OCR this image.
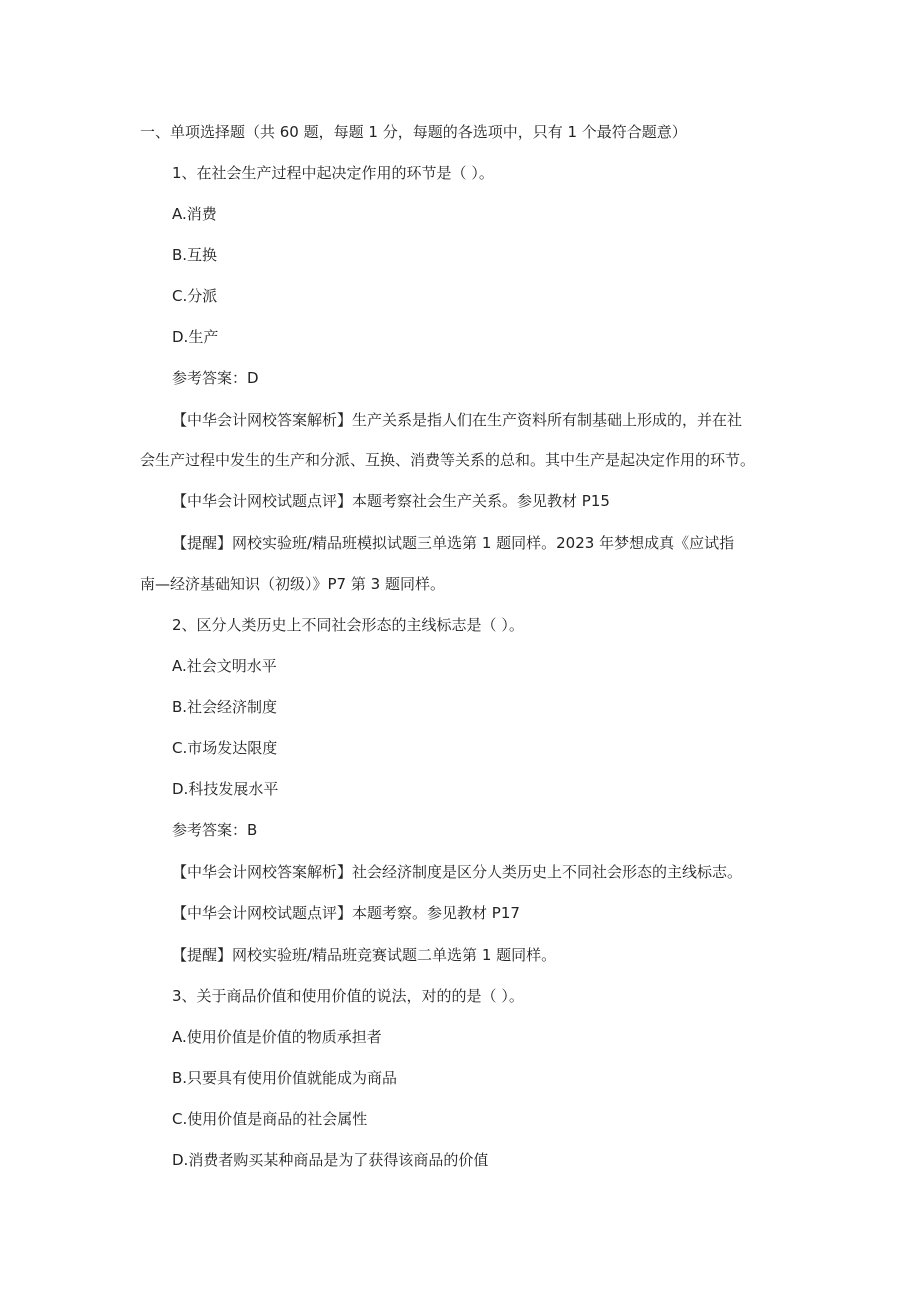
一、单项选择题（共 60 题，每题 1 分，每题的各选项中，只有 1 个最符合题意）

1、在社会生产过程中起决定作用的环节是（ ）。

A.消费

B.互换

C.分派

D.生产

参考答案：D

【中华会计网校答案解析】生产关系是指人们在生产资料所有制基础上形成的，并在社

会生产过程中发生的生产和分派、互换、消费等关系的总和。其中生产是起决定作用的环节。

【中华会计网校试题点评】本题考察社会生产关系。参见教材 P15

【提醒】网校实验班/精品班模拟试题三单选第 1 题同样。2023 年梦想成真《应试指

南—经济基础知识（初级）》P7 第 3 题同样。

2、区分人类历史上不同社会形态的主线标志是（ ）。

A.社会文明水平

B.社会经济制度

C.市场发达限度

D.科技发展水平

参考答案：B

【中华会计网校答案解析】社会经济制度是区分人类历史上不同社会形态的主线标志。

【中华会计网校试题点评】本题考察。参见教材 P17

【提醒】网校实验班/精品班竞赛试题二单选第 1 题同样。

3、关于商品价值和使用价值的说法，对的的是（ ）。

A.使用价值是价值的物质承担者

B.只要具有使用价值就能成为商品

C.使用价值是商品的社会属性

D.消费者购买某种商品是为了获得该商品的价值
